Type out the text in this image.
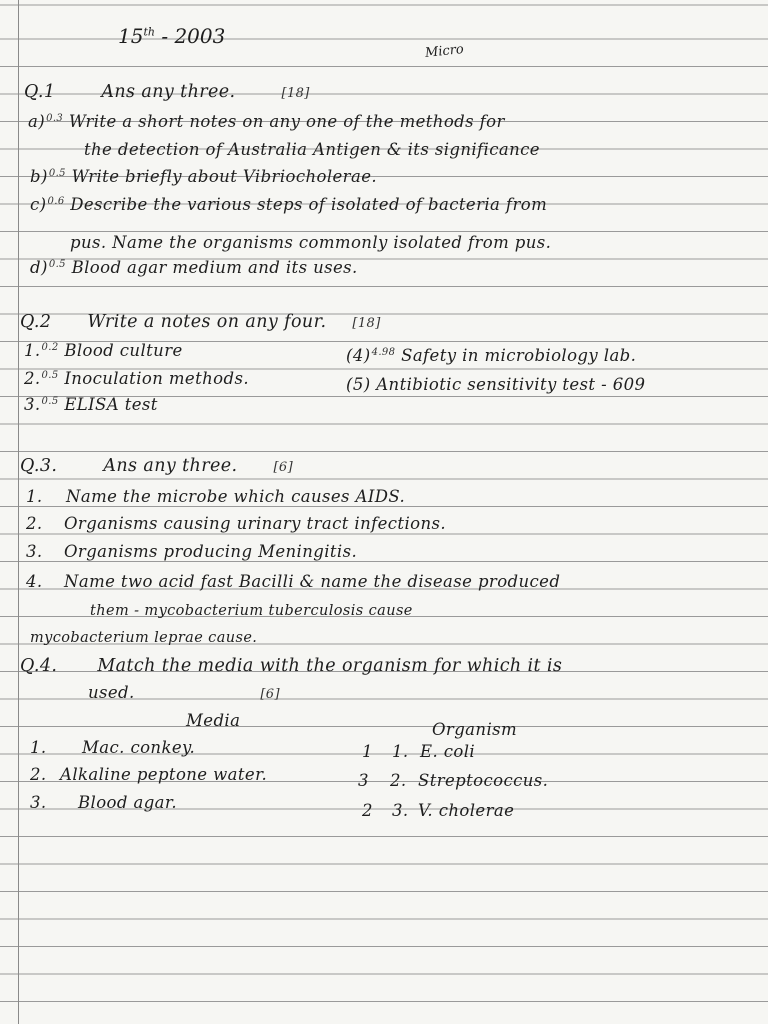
15th - 2003
Micro
Q.1	Ans any three.	[18]
a)$^{0.3}$ Write a short notes on any one of the methods for
the detection of Australia Antigen & its significance
b)$^{0.5}$ Write briefly about Vibriocholerae.
c)$^{0.6}$ Describe the various steps of isolated of bacteria from
pus. Name the organisms commonly isolated from pus.
d)$^{0.5}$ Blood agar medium and its uses.
Q.2 Write a notes on any four. [18]
1.$^{0.2}$ Blood culture	$(4)^{4.98}$ Safety in microbiology lab.
2.$^{0.5}$ Inoculation methods.	(5) Antibiotic sensitivity test - 609
3.$^{0.5}$ ELISA test
Q.3.	Ans any three.	[6]
1. Name the microbe which causes AIDS.
2. Organisms causing urinary tract infections.
3. Organisms producing Meningitis.
4. Name two acid fast Bacilli & name the disease produced
them - mycobacterium tuberculosis cause
mycobacterium leprae cause.
Q.4. Match the media with the organism for which it is
used.	[6]
Media	Organism
1. Mac. conkey.	1 1. E. coli
2. Alkaline peptone water.	3 2. Streptococcus.
3. Blood agar.	2 3. V. cholerae
